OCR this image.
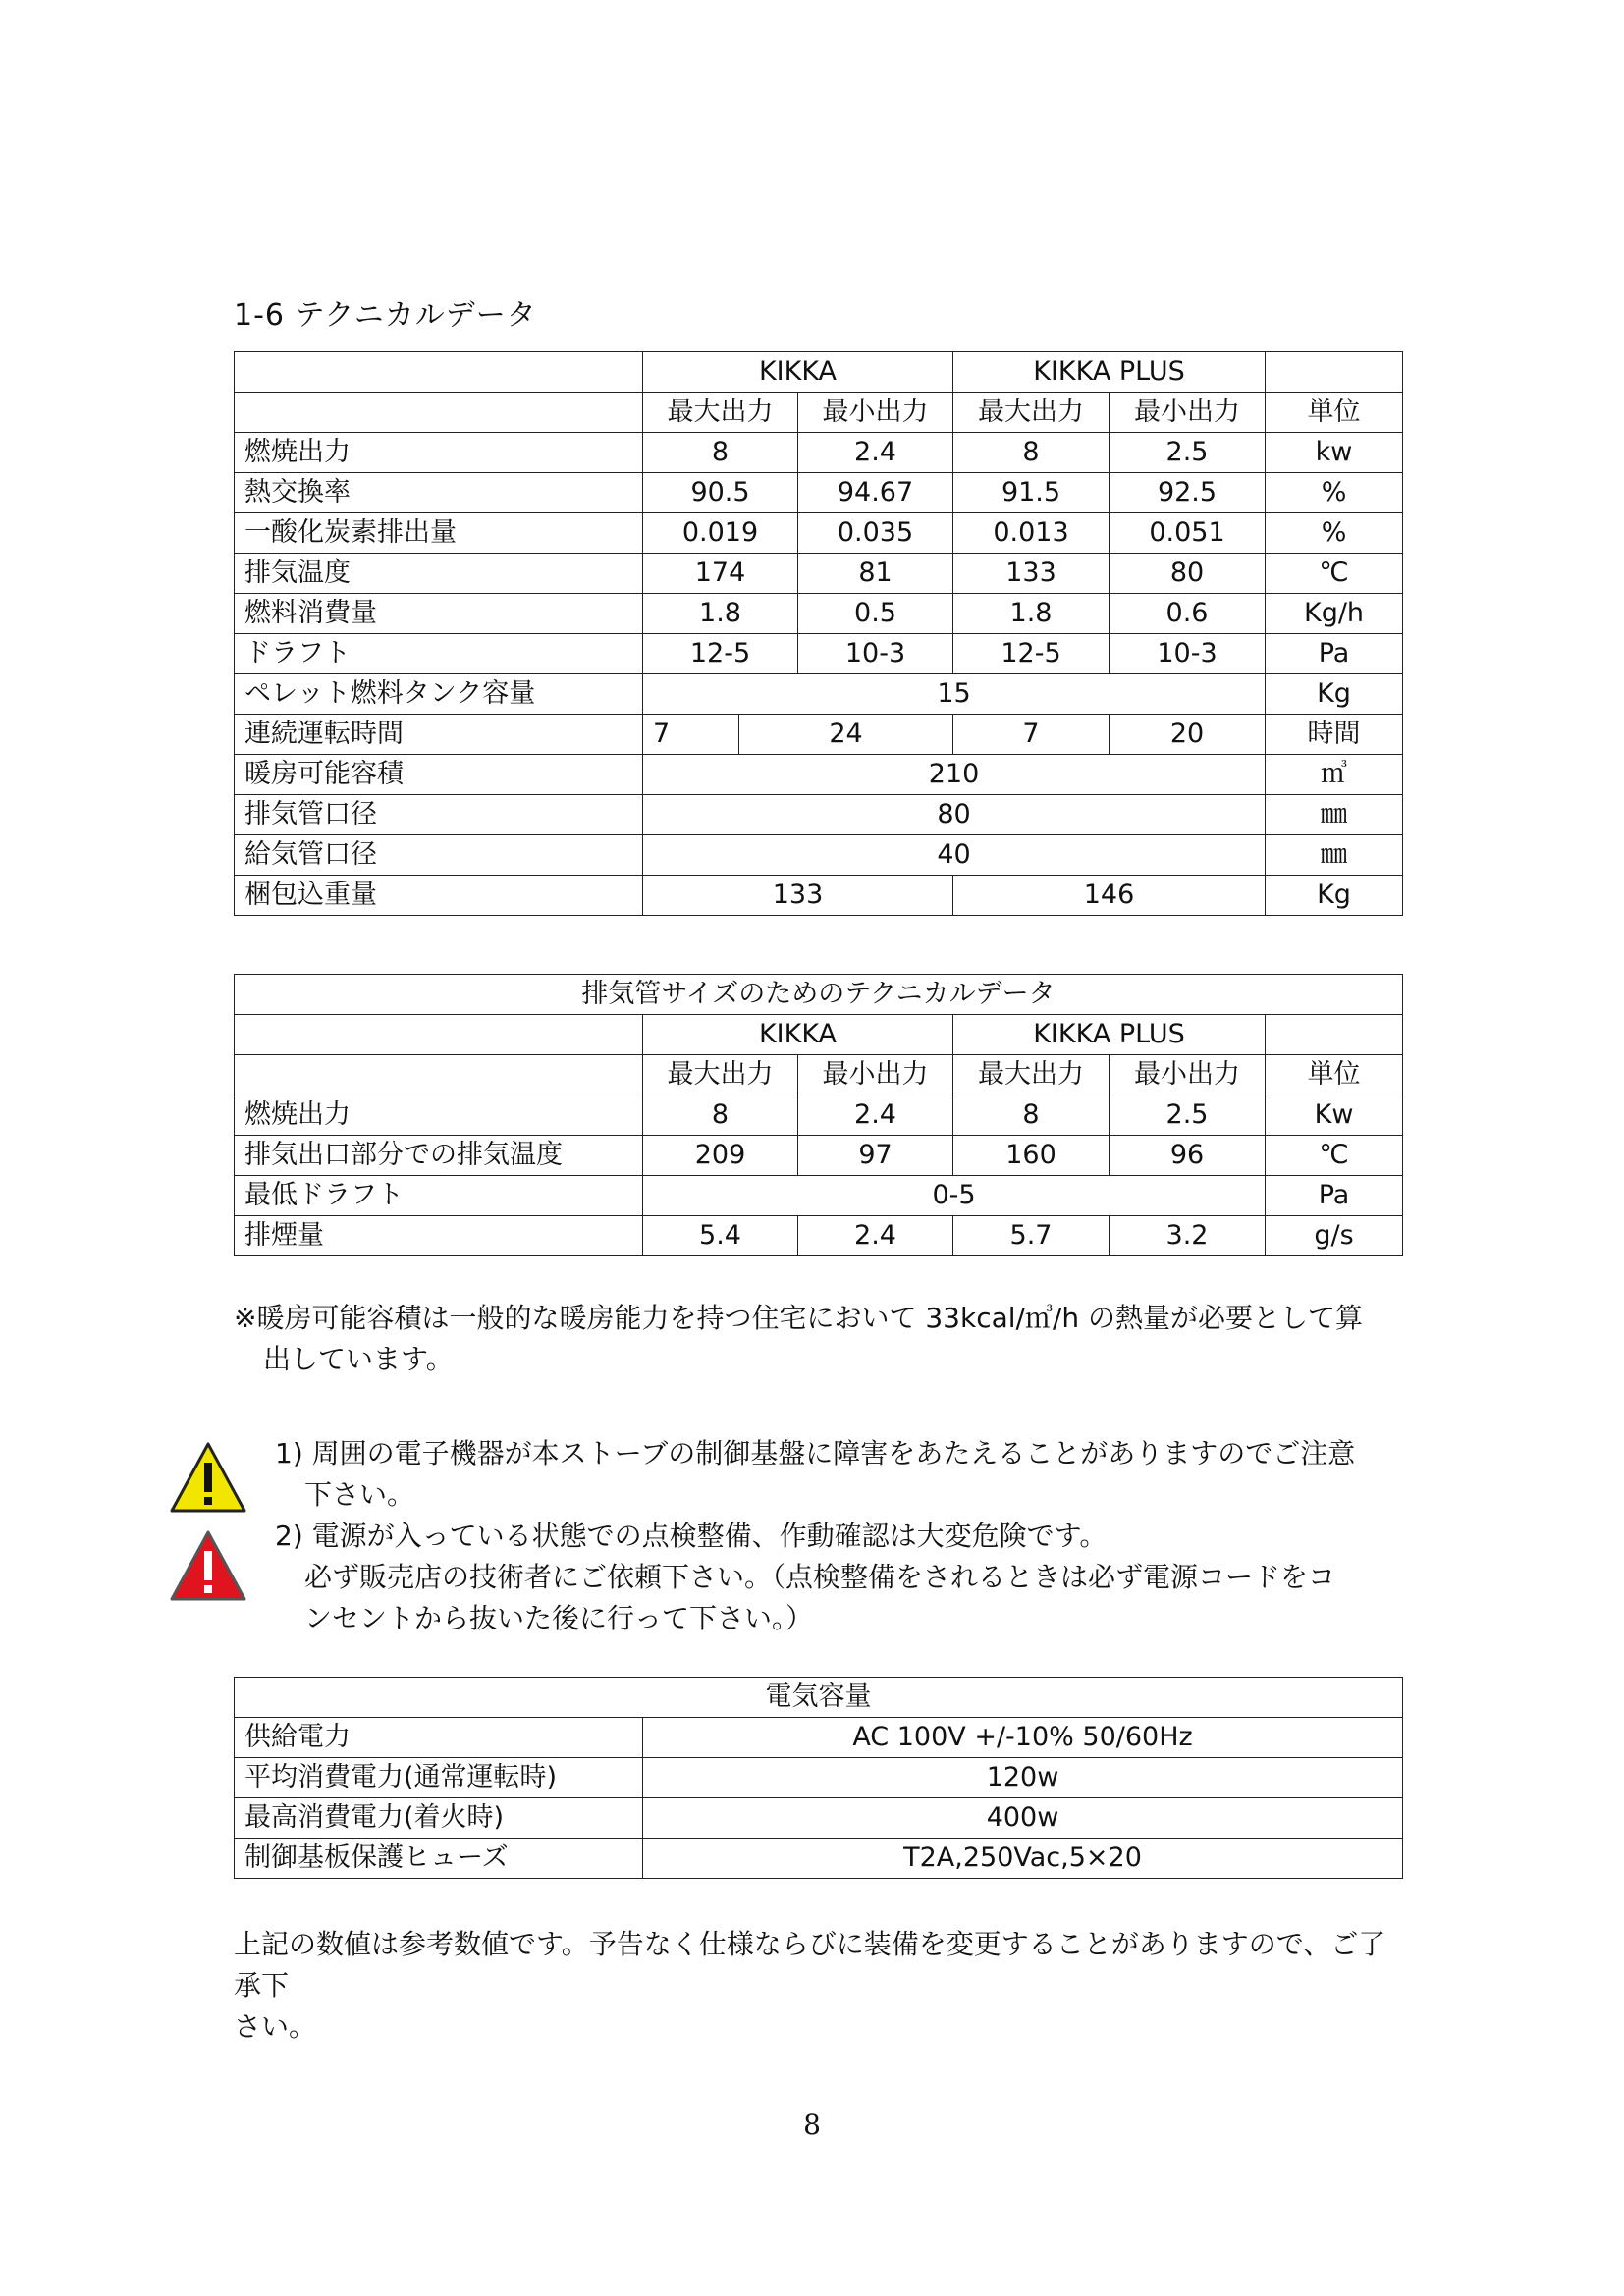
1-6 テクニカルデータ
	KIKKA			KIKKA PLUS		
	最大出力		最小出力	最大出力	最小出力	単位
燃焼出力	8		2.4	8	2.5	kw
熱交換率	90.5		94.67	91.5	92.5	%
一酸化炭素排出量	0.019		0.035	0.013	0.051	%
排気温度	174		81	133	80	℃
燃料消費量	1.8		0.5	1.8	0.6	Kg/h
ドラフト	12-5		10-3	12-5	10-3	Pa
ペレット燃料タンク容量	15					Kg
連続運転時間	7	24		7	20	時間
暖房可能容積	210					㎥
排気管口径	80					㎜
給気管口径	40					㎜
梱包込重量	133			146		Kg
排気管サイズのためのテクニカルデータ					
	KIKKA		KIKKA PLUS		
	最大出力	最小出力	最大出力	最小出力	単位
燃焼出力	8	2.4	8	2.5	Kw
排気出口部分での排気温度	209	97	160	96	℃
最低ドラフト	0-5				Pa
排煙量	5.4	2.4	5.7	3.2	g/s
※暖房可能容積は一般的な暖房能力を持つ住宅において 33kcal/㎥/h の熱量が必要として算
出しています。
1) 周囲の電子機器が本ストーブの制御基盤に障害をあたえることがありますのでご注意
下さい。
2) 電源が入っている状態での点検整備、作動確認は大変危険です。
必ず販売店の技術者にご依頼下さい。（点検整備をされるときは必ず電源コードをコ
ンセントから抜いた後に行って下さい。）
電気容量	
供給電力	AC 100V +/-10% 50/60Hz
平均消費電力(通常運転時)	120w
最高消費電力(着火時)	400w
制御基板保護ヒューズ	T2A,250Vac,5×20
上記の数値は参考数値です。予告なく仕様ならびに装備を変更することがありますので、ご了承下
さい。
8
